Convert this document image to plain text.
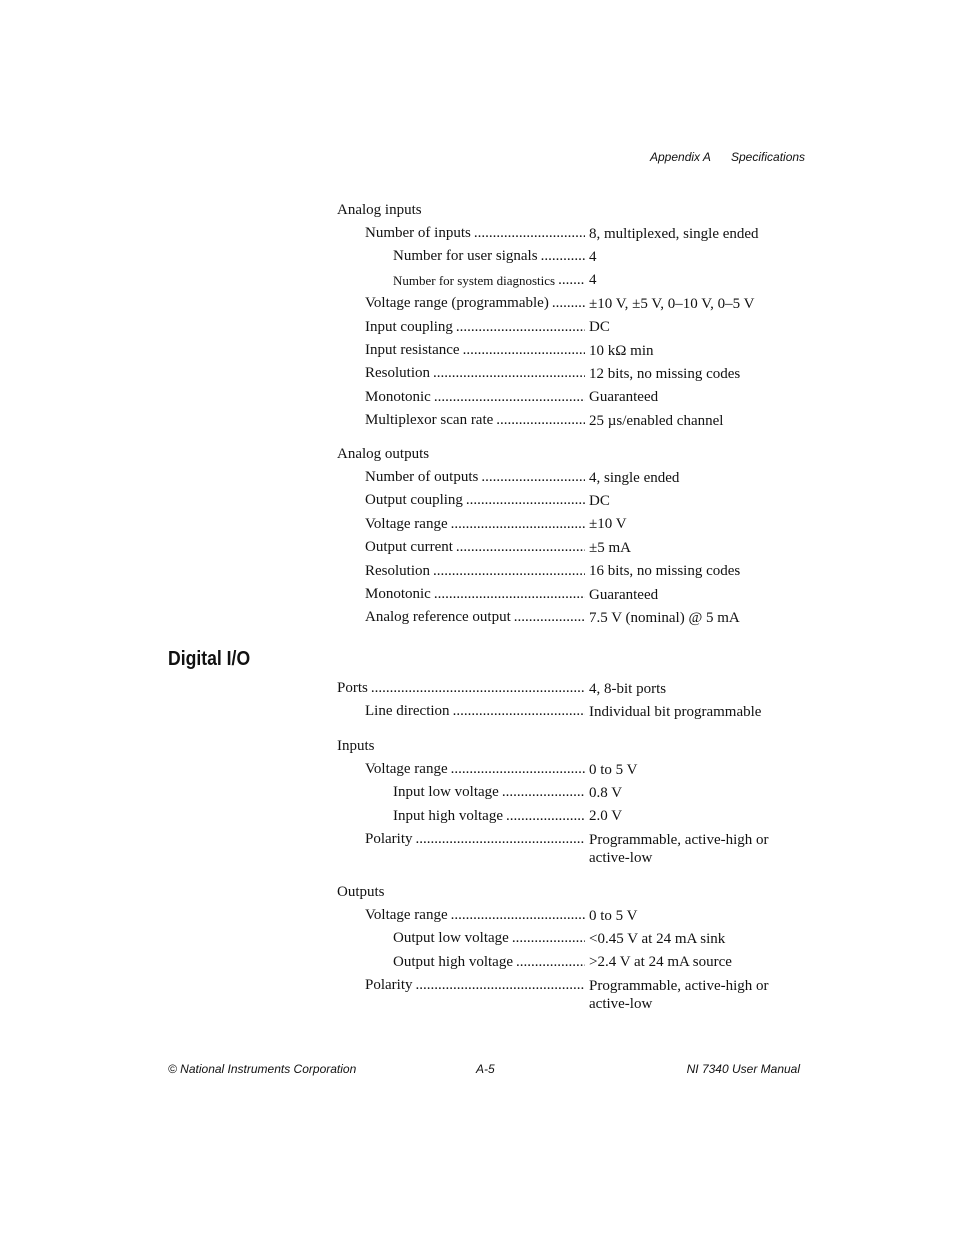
Appendix A Specifications
Analog inputs
Number of inputs .....	8, multiplexed, single ended
Number for user signals .....	4
Number for system diagnostics ..... 4
Voltage range (programmable) .....	±10 V, ±5 V, 0–10 V, 0–5 V
Input coupling .....	DC
Input resistance .....	10 kΩ min
Resolution .....	12 bits, no missing codes
Monotonic .....	Guaranteed
Multiplexor scan rate .....	25 µs/enabled channel
Analog outputs
Number of outputs .....	4, single ended
Output coupling .....	DC
Voltage range .....	±10 V
Output current .....	±5 mA
Resolution .....	16 bits, no missing codes
Monotonic .....	Guaranteed
Analog reference output .....	7.5 V (nominal) @ 5 mA
Digital I/O
Ports .....	4, 8-bit ports
Line direction .....	Individual bit programmable
Inputs
Voltage range .....	0 to 5 V
Input low voltage .....	0.8 V
Input high voltage .....	2.0 V
Polarity .....	Programmable, active-high or active-low
Outputs
Voltage range .....	0 to 5 V
Output low voltage .....	<0.45 V at 24 mA sink
Output high voltage .....	>2.4 V at 24 mA source
Polarity .....	Programmable, active-high or active-low
© National Instruments Corporation	A-5	NI 7340 User Manual
